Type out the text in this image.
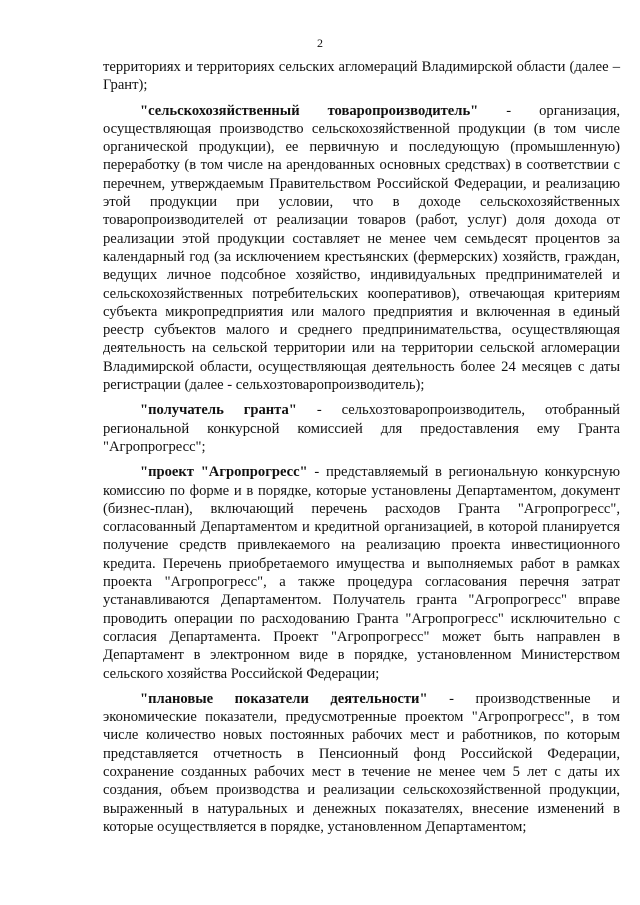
2

территориях и территориях сельских агломераций Владимирской области (далее – Грант);

"сельскохозяйственный товаропроизводитель" - организация, осуществляющая производство сельскохозяйственной продукции (в том числе органической продукции), ее первичную и последующую (промышленную) переработку (в том числе на арендованных основных средствах) в соответствии с перечнем, утверждаемым Правительством Российской Федерации, и реализацию этой продукции при условии, что в доходе сельскохозяйственных товаропроизводителей от реализации товаров (работ, услуг) доля дохода от реализации этой продукции составляет не менее чем семьдесят процентов за календарный год (за исключением крестьянских (фермерских) хозяйств, граждан, ведущих личное подсобное хозяйство, индивидуальных предпринимателей и сельскохозяйственных потребительских кооперативов), отвечающая критериям субъекта микропредприятия или малого предприятия и включенная в единый реестр субъектов малого и среднего предпринимательства, осуществляющая деятельность на сельской территории или на территории сельской агломерации Владимирской области, осуществляющая деятельность более 24 месяцев с даты регистрации (далее - сельхозтоваропроизводитель);

"получатель гранта" - сельхозтоваропроизводитель, отобранный региональной конкурсной комиссией для предоставления ему Гранта "Агропрогресс";

"проект "Агропрогресс" - представляемый в региональную конкурсную комиссию по форме и в порядке, которые установлены Департаментом, документ (бизнес-план), включающий перечень расходов Гранта "Агропрогресс", согласованный Департаментом и кредитной организацией, в которой планируется получение средств привлекаемого на реализацию проекта инвестиционного кредита. Перечень приобретаемого имущества и выполняемых работ в рамках проекта "Агропрогресс", а также процедура согласования перечня затрат устанавливаются Департаментом. Получатель гранта "Агропрогресс" вправе проводить операции по расходованию Гранта "Агропрогресс" исключительно с согласия Департамента. Проект "Агропрогресс" может быть направлен в Департамент в электронном виде в порядке, установленном Министерством сельского хозяйства Российской Федерации;

"плановые показатели деятельности" - производственные и экономические показатели, предусмотренные проектом "Агропрогресс", в том числе количество новых постоянных рабочих мест и работников, по которым представляется отчетность в Пенсионный фонд Российской Федерации, сохранение созданных рабочих мест в течение не менее чем 5 лет с даты их создания, объем производства и реализации сельскохозяйственной продукции, выраженный в натуральных и денежных показателях, внесение изменений в которые осуществляется в порядке, установленном Департаментом;
